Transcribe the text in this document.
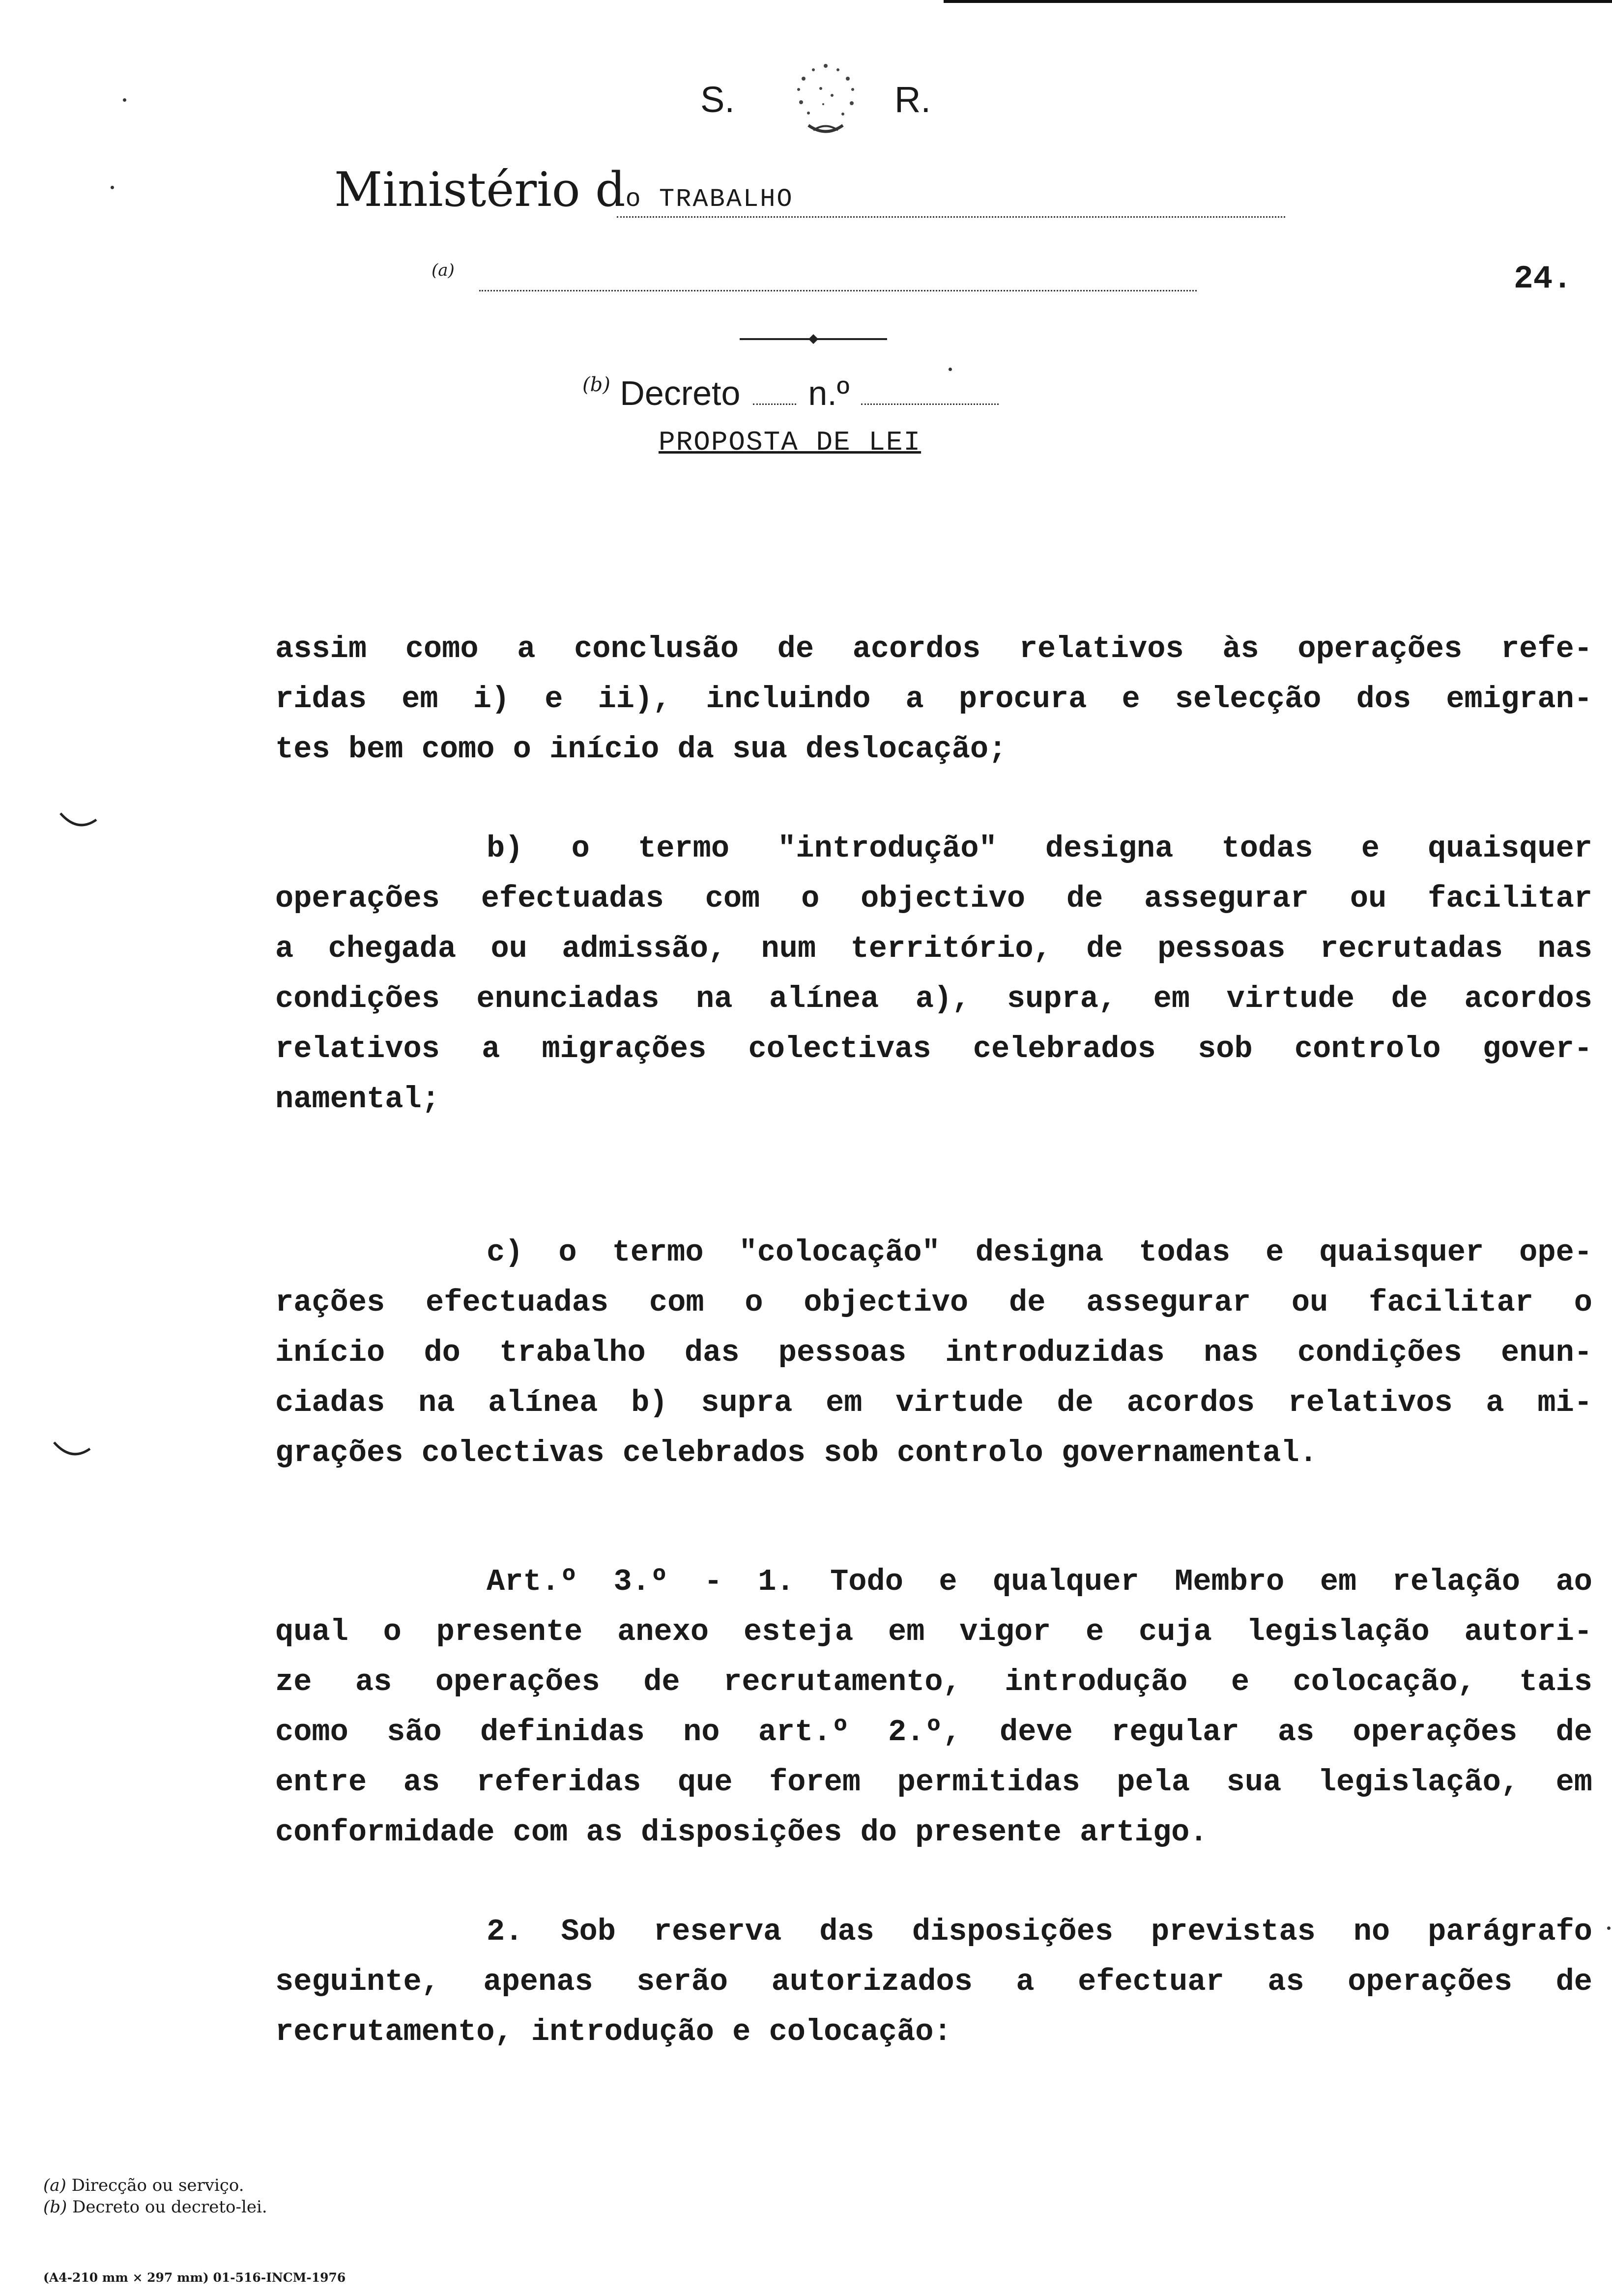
S.	R.
Ministério do TRABALHO
(a)	24.
$^{(b)}$ Decreto n.º
PROPOSTA DE LEI

assim como a conclusão de acordos relativos às operações refe-
ridas em i) e ii), incluindo a procura e selecção dos emigran-
tes bem como o início da sua deslocação;

b) o termo "introdução" designa todas e quaisquer
operações efectuadas com o objectivo de assegurar ou facilitar
a chegada ou admissão, num território, de pessoas recrutadas nas
condições enunciadas na alínea a), supra, em virtude de acordos
relativos a migrações colectivas celebrados sob controlo gover-
namental;

c) o termo "colocação" designa todas e quaisquer ope-
rações efectuadas com o objectivo de assegurar ou facilitar o
início do trabalho das pessoas introduzidas nas condições enun-
ciadas na alínea b) supra em virtude de acordos relativos a mi-
grações colectivas celebrados sob controlo governamental.

Art.º 3.º - 1. Todo e qualquer Membro em relação ao
qual o presente anexo esteja em vigor e cuja legislação autori-
ze as operações de recrutamento, introdução e colocação, tais
como são definidas no art.º 2.º, deve regular as operações de
entre as referidas que forem permitidas pela sua legislação, em
conformidade com as disposições do presente artigo.

2. Sob reserva das disposições previstas no parágrafo
seguinte, apenas serão autorizados a efectuar as operações de
recrutamento, introdução e colocação:

(a) Direcção ou serviço.
(b) Decreto ou decreto-lei.
(A4-210 mm × 297 mm) 01-516-INCM-1976
